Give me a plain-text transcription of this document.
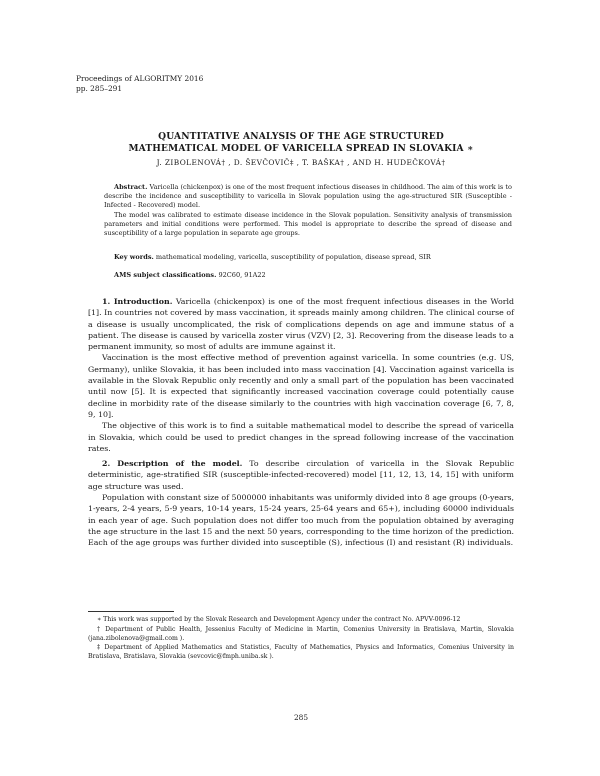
Proceedings of ALGORITMY 2016
pp. 285–291
QUANTITATIVE ANALYSIS OF THE AGE STRUCTURED
MATHEMATICAL MODEL OF VARICELLA SPREAD IN SLOVAKIA ∗
J. ZIBOLENOVÁ† , D. ŠEVČOVIČ‡ , T. BAŠKA† , AND H. HUDEČKOVÁ†

Abstract. Varicella (chickenpox) is one of the most frequent infectious diseases in childhood. The aim of this work is to describe the incidence and susceptibility to varicella in Slovak population using the age-structured SIR (Susceptible - Infected - Recovered) model.

The model was calibrated to estimate disease incidence in the Slovak population. Sensitivity analysis of transmission parameters and initial conditions were performed. This model is appropriate to describe the spread of disease and susceptibility of a large population in separate age groups.

Key words. mathematical modeling, varicella, susceptibility of population, disease spread, SIR
AMS subject classifications. 92C60, 91A22

1. Introduction. Varicella (chickenpox) is one of the most frequent infectious diseases in the World [1]. In countries not covered by mass vaccination, it spreads mainly among children. The clinical course of a disease is usually uncomplicated, the risk of complications depends on age and immune status of a patient. The disease is caused by varicella zoster virus (VZV) [2, 3]. Recovering from the disease leads to a permanent immunity, so most of adults are immune against it.

Vaccination is the most effective method of prevention against varicella. In some countries (e.g. US, Germany), unlike Slovakia, it has been included into mass vaccination [4]. Vaccination against varicella is available in the Slovak Republic only recently and only a small part of the population has been vaccinated until now [5]. It is expected that significantly increased vaccination coverage could potentially cause decline in morbidity rate of the disease similarly to the countries with high vaccination coverage [6, 7, 8, 9, 10].

The objective of this work is to find a suitable mathematical model to describe the spread of varicella in Slovakia, which could be used to predict changes in the spread following increase of the vaccination rates.

2. Description of the model. To describe circulation of varicella in the Slovak Republic deterministic, age-stratified SIR (susceptible-infected-recovered) model [11, 12, 13, 14, 15] with uniform age structure was used.

Population with constant size of 5000000 inhabitants was uniformly divided into 8 age groups (0-years, 1-years, 2-4 years, 5-9 years, 10-14 years, 15-24 years, 25-64 years and 65+), including 60000 individuals in each year of age. Such population does not differ too much from the population obtained by averaging the age structure in the last 15 and the next 50 years, corresponding to the time horizon of the prediction. Each of the age groups was further divided into susceptible (S), infectious (I) and resistant (R) individuals.

∗ This work was supported by the Slovak Research and Development Agency under the contract No. APVV-0096-12

† Department of Public Health, Jessenius Faculty of Medicine in Martin, Comenius University in Bratislava, Martin, Slovakia (jana.zibolenova@gmail.com ).

‡ Department of Applied Mathematics and Statistics, Faculty of Mathematics, Physics and Informatics, Comenius University in Bratislava, Bratislava, Slovakia (sevcovic@fmph.uniba.sk ).

285
